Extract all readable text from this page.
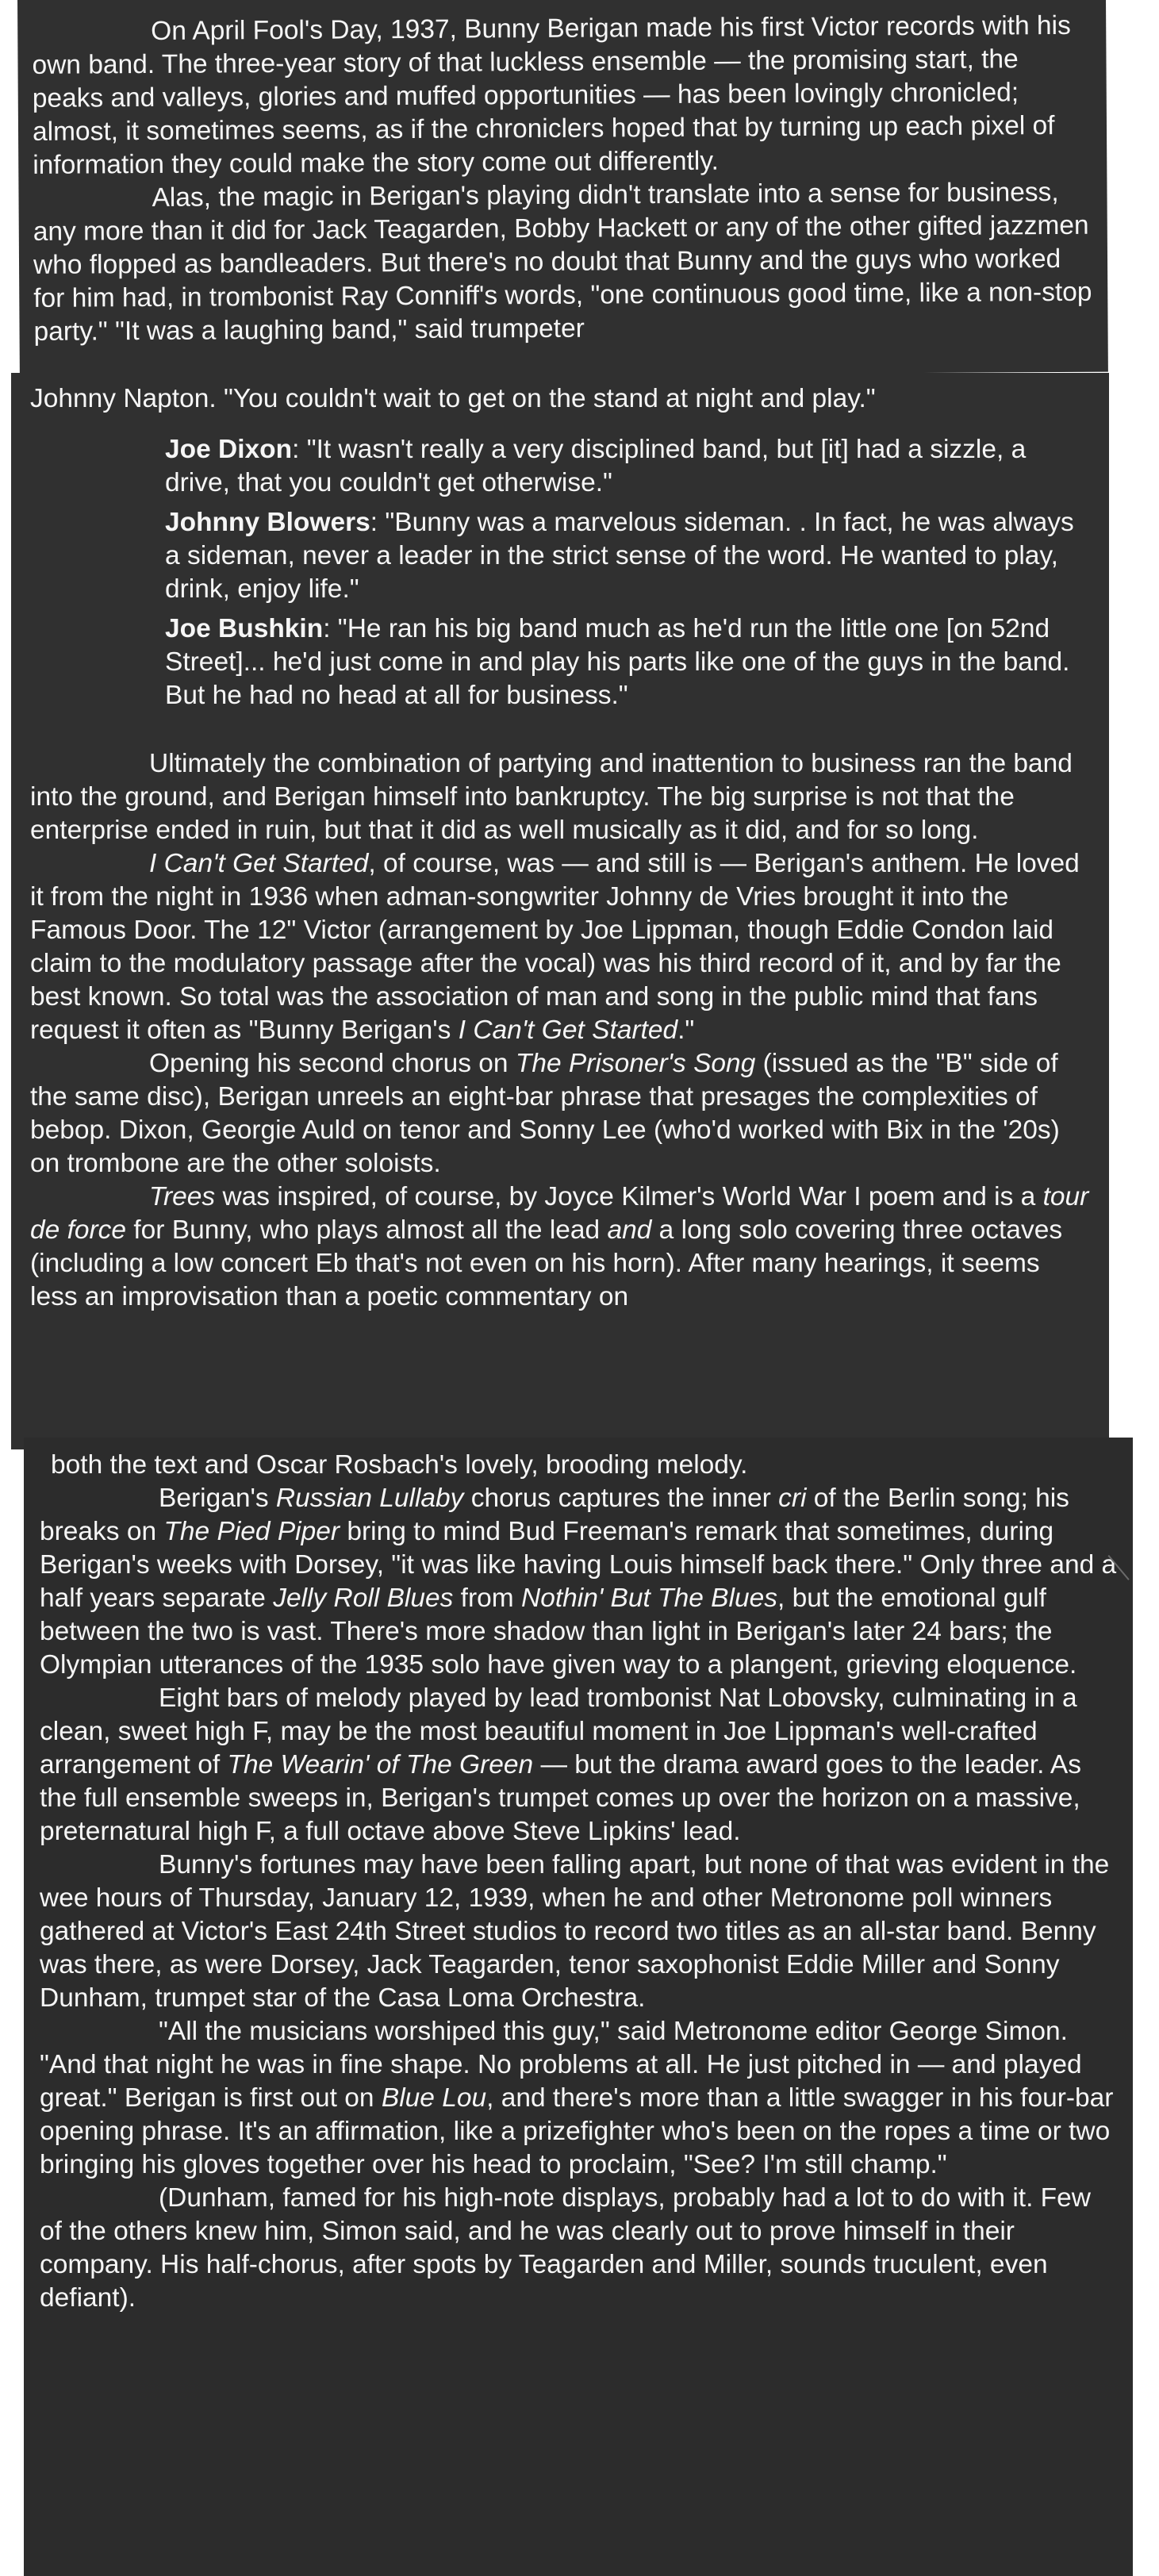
On April Fool's Day, 1937, Bunny Berigan made his first Victor records with his own band. The three-year story of that luckless ensemble — the promising start, the peaks and valleys, glories and muffed opportunities — has been lovingly chronicled; almost, it sometimes seems, as if the chroniclers hoped that by turning up each pixel of information they could make the story come out differently.

Alas, the magic in Berigan's playing didn't translate into a sense for business, any more than it did for Jack Teagarden, Bobby Hackett or any of the other gifted jazzmen who flopped as bandleaders. But there's no doubt that Bunny and the guys who worked for him had, in trombonist Ray Conniff's words, "one continuous good time, like a non-stop party." "It was a laughing band," said trumpeter

Johnny Napton. "You couldn't wait to get on the stand at night and play."

Joe Dixon: "It wasn't really a very disciplined band, but [it] had a sizzle, a drive, that you couldn't get otherwise."

Johnny Blowers: "Bunny was a marvelous sideman. . In fact, he was always a sideman, never a leader in the strict sense of the word. He wanted to play, drink, enjoy life."

Joe Bushkin: "He ran his big band much as he'd run the little one [on 52nd Street]... he'd just come in and play his parts like one of the guys in the band. But he had no head at all for business."

Ultimately the combination of partying and inattention to business ran the band into the ground, and Berigan himself into bankruptcy. The big surprise is not that the enterprise ended in ruin, but that it did as well musically as it did, and for so long.

I Can't Get Started, of course, was — and still is — Berigan's anthem. He loved it from the night in 1936 when adman-songwriter Johnny de Vries brought it into the Famous Door. The 12" Victor (arrangement by Joe Lippman, though Eddie Condon laid claim to the modulatory passage after the vocal) was his third record of it, and by far the best known. So total was the association of man and song in the public mind that fans request it often as "Bunny Berigan's I Can't Get Started."

Opening his second chorus on The Prisoner's Song (issued as the "B" side of the same disc), Berigan unreels an eight-bar phrase that presages the complexities of bebop. Dixon, Georgie Auld on tenor and Sonny Lee (who'd worked with Bix in the '20s) on trombone are the other soloists.

Trees was inspired, of course, by Joyce Kilmer's World War I poem and is a tour de force for Bunny, who plays almost all the lead and a long solo covering three octaves (including a low concert Eb that's not even on his horn). After many hearings, it seems less an improvisation than a poetic commentary on

both the text and Oscar Rosbach's lovely, brooding melody.

Berigan's Russian Lullaby chorus captures the inner cri of the Berlin song; his breaks on The Pied Piper bring to mind Bud Freeman's remark that sometimes, during Berigan's weeks with Dorsey, "it was like having Louis himself back there." Only three and a half years separate Jelly Roll Blues from Nothin' But The Blues, but the emotional gulf between the two is vast. There's more shadow than light in Berigan's later 24 bars; the Olympian utterances of the 1935 solo have given way to a plangent, grieving eloquence.

Eight bars of melody played by lead trombonist Nat Lobovsky, culminating in a clean, sweet high F, may be the most beautiful moment in Joe Lippman's well-crafted arrangement of The Wearin' of The Green — but the drama award goes to the leader. As the full ensemble sweeps in, Berigan's trumpet comes up over the horizon on a massive, preternatural high F, a full octave above Steve Lipkins' lead.

Bunny's fortunes may have been falling apart, but none of that was evident in the wee hours of Thursday, January 12, 1939, when he and other Metronome poll winners gathered at Victor's East 24th Street studios to record two titles as an all-star band. Benny was there, as were Dorsey, Jack Teagarden, tenor saxophonist Eddie Miller and Sonny Dunham, trumpet star of the Casa Loma Orchestra.

"All the musicians worshiped this guy," said Metronome editor George Simon. "And that night he was in fine shape. No problems at all. He just pitched in — and played great." Berigan is first out on Blue Lou, and there's more than a little swagger in his four-bar opening phrase. It's an affirmation, like a prizefighter who's been on the ropes a time or two bringing his gloves together over his head to proclaim, "See? I'm still champ."

(Dunham, famed for his high-note displays, probably had a lot to do with it. Few of the others knew him, Simon said, and he was clearly out to prove himself in their company. His half-chorus, after spots by Teagarden and Miller, sounds truculent, even defiant).
